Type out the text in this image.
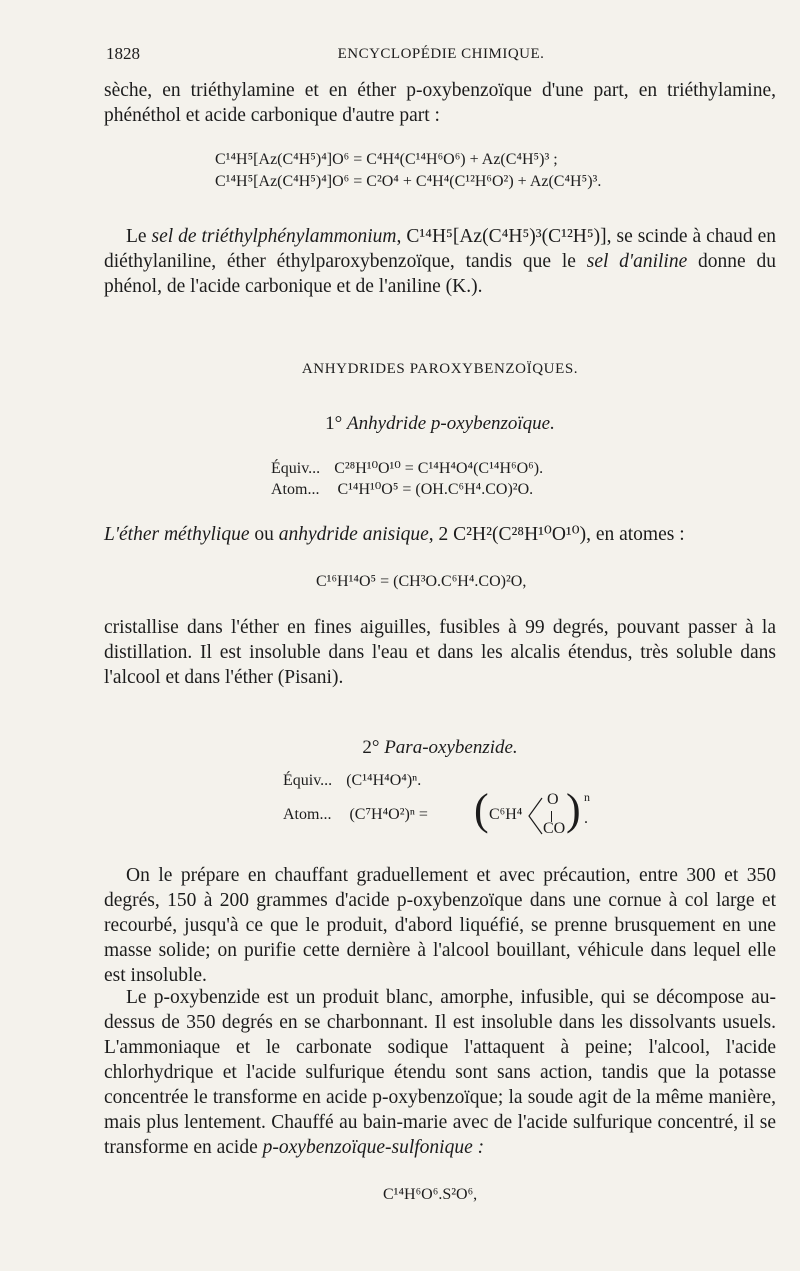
1828	ENCYCLOPÉDIE CHIMIQUE.
sèche, en triéthylamine et en éther p-oxybenzoïque d'une part, en triéthylamine, phénéthol et acide carbonique d'autre part :
C¹⁴H⁵[Az(C⁴H⁵)⁴]O⁶ = C⁴H⁴(C¹⁴H⁶O⁶) + Az(C⁴H⁵)³ ;
C¹⁴H⁵[Az(C⁴H⁵)⁴]O⁶ = C²O⁴ + C⁴H⁴(C¹²H⁶O²) + Az(C⁴H⁵)³.
Le sel de triéthylphénylammonium, C¹⁴H⁵[Az(C⁴H⁵)³(C¹²H⁵)], se scinde à chaud en diéthylaniline, éther éthylparoxybenzoïque, tandis que le sel d'aniline donne du phénol, de l'acide carbonique et de l'aniline (K.).
ANHYDRIDES PAROXYBENZOÏQUES.
1° Anhydride p-oxybenzoïque.
Équiv... C²⁸H¹⁰O¹⁰ = C¹⁴H⁴O⁴(C¹⁴H⁶O⁶).
Atom... C¹⁴H¹⁰O⁵ = (OH.C⁶H⁴.CO)²O.
L'éther méthylique ou anhydride anisique, 2 C²H²(C²⁸H¹⁰O¹⁰), en atomes :
C¹⁶H¹⁴O⁵ = (CH³O.C⁶H⁴.CO)²O,
cristallise dans l'éther en fines aiguilles, fusibles à 99 degrés, pouvant passer à la distillation. Il est insoluble dans l'eau et dans les alcalis étendus, très soluble dans l'alcool et dans l'éther (Pisani).
2° Para-oxybenzide.
Équiv... (C¹⁴H⁴O⁴)ⁿ.
Atom... (C⁷H⁴O²)ⁿ = ( C⁶H⁴
O
CO ) n
.
On le prépare en chauffant graduellement et avec précaution, entre 300 et 350 degrés, 150 à 200 grammes d'acide p-oxybenzoïque dans une cornue à col large et recourbé, jusqu'à ce que le produit, d'abord liquéfié, se prenne brusquement en une masse solide; on purifie cette dernière à l'alcool bouillant, véhicule dans lequel elle est insoluble.
Le p-oxybenzide est un produit blanc, amorphe, infusible, qui se décompose au-dessus de 350 degrés en se charbonnant. Il est insoluble dans les dissolvants usuels. L'ammoniaque et le carbonate sodique l'attaquent à peine; l'alcool, l'acide chlorhydrique et l'acide sulfurique étendu sont sans action, tandis que la potasse concentrée le transforme en acide p-oxybenzoïque; la soude agit de la même manière, mais plus lentement. Chauffé au bain-marie avec de l'acide sulfurique concentré, il se transforme en acide p-oxybenzoïque-sulfonique :
C¹⁴H⁶O⁶.S²O⁶,
